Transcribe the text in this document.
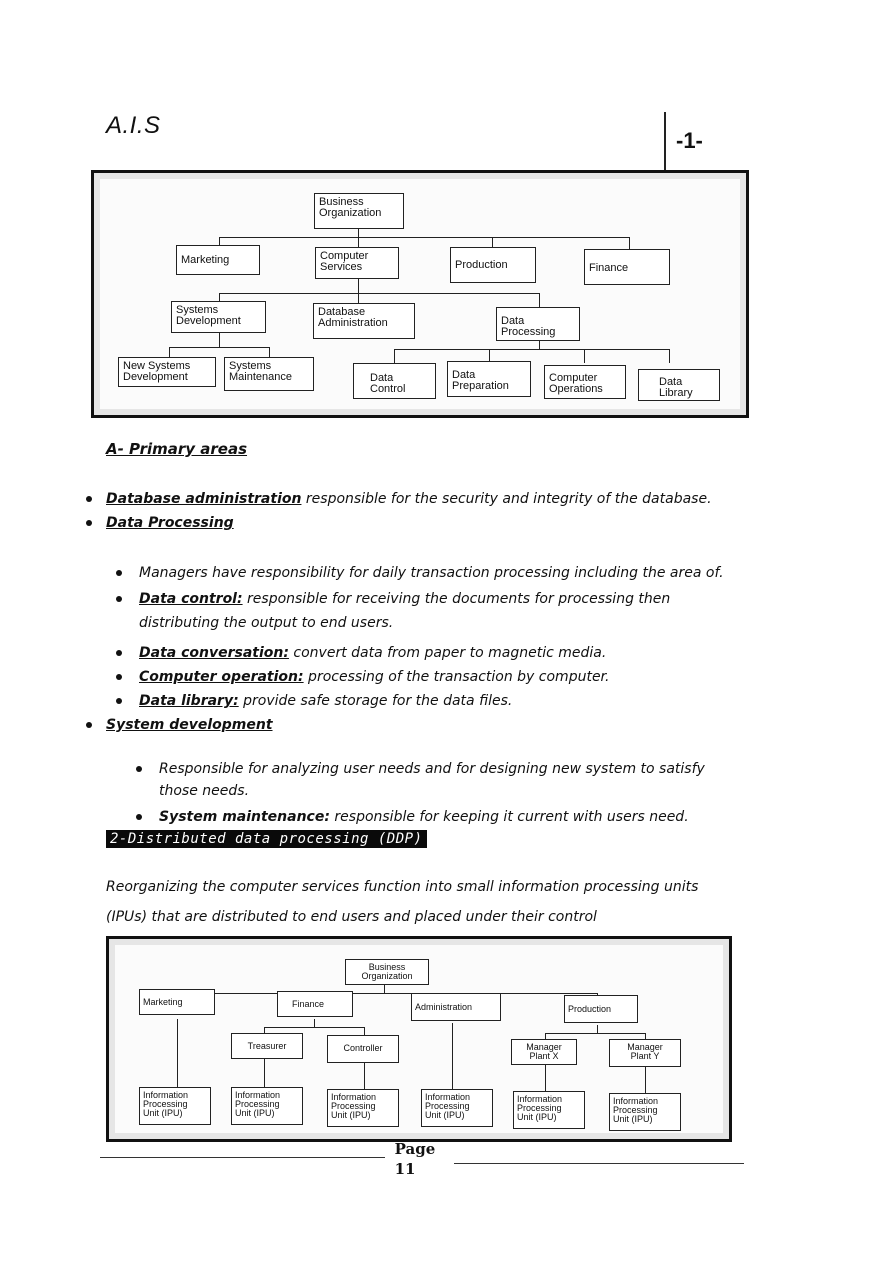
A.I.S
-1-
Business
Organization
Marketing	Computer
Services	Production	Finance
Systems
Development
Database
Administration	Data
Processing
New Systems
Development
Systems
Maintenance	Data
Control
Data
Preparation
Computer
Operations
Data
Library
A- Primary areas
Database administration responsible for the security and integrity of the database.
Data Processing
Managers have responsibility for daily transaction processing including the area of.
Data control: responsible for receiving the documents for processing then
distributing the output to end users.
Data conversation: convert data from paper to magnetic media.
Computer operation: processing of the transaction by computer.
Data library: provide safe storage for the data files.
System development
Responsible for analyzing user needs and for designing new system to satisfy
those needs.
System maintenance: responsible for keeping it current with users need.
2-Distributed data processing (DDP)
Reorganizing the computer services function into small information processing units
(IPUs) that are distributed to end users and placed under their control
Business
Organization
Marketing	Finance	Administration	Production
Treasurer	Controller	Manager
Plant X
Manager
Plant Y
Information
Processing
Unit (IPU)
Information
Processing
Unit (IPU)
Information
Processing
Unit (IPU)
Information
Processing
Unit (IPU)
Information
Processing
Unit (IPU)
Information
Processing
Unit (IPU)
Page
11
